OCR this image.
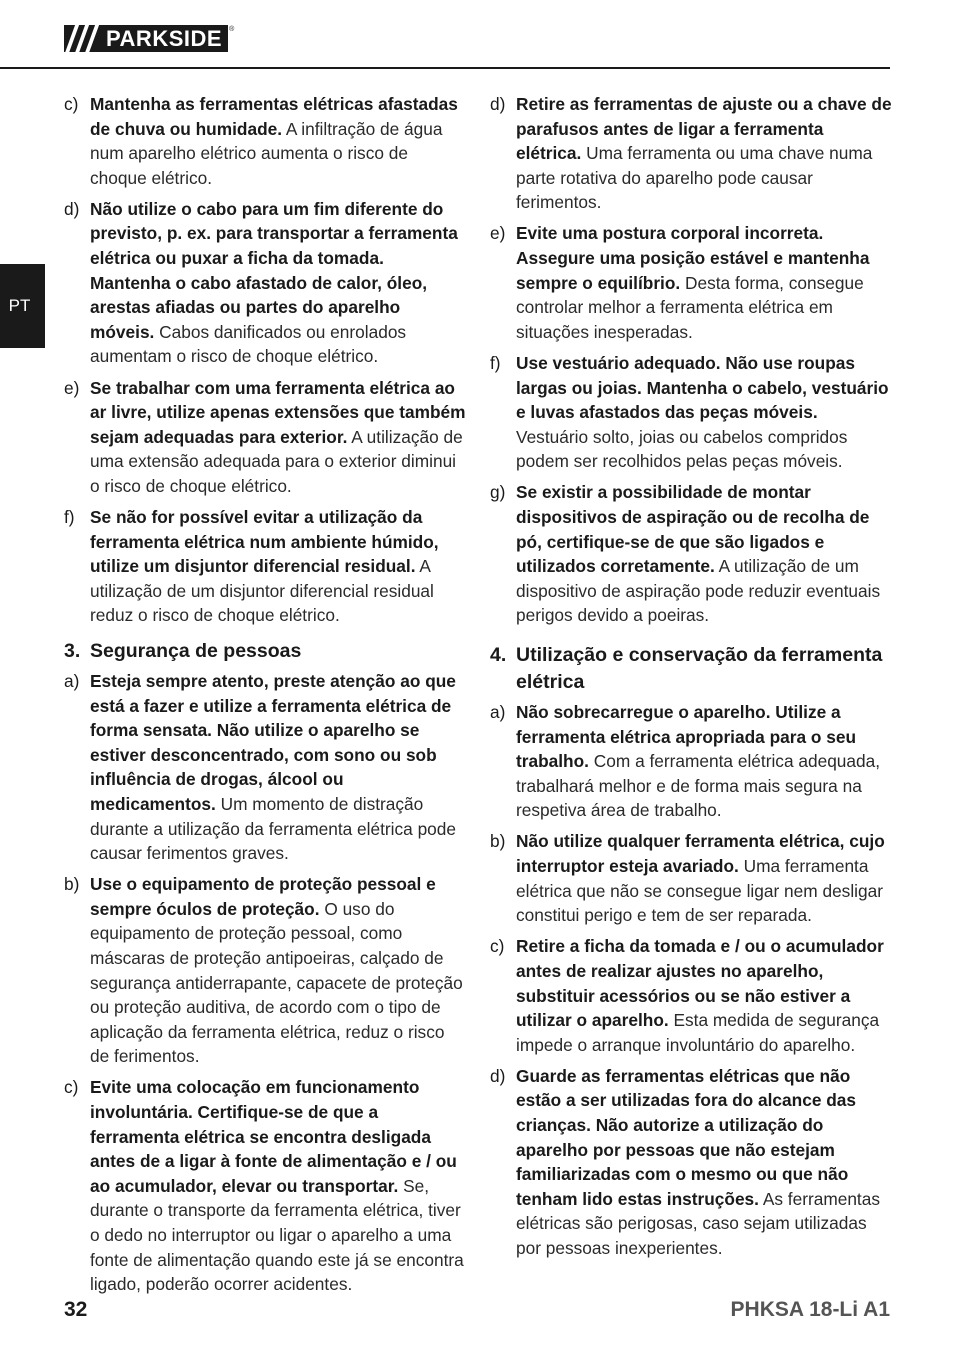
PARKSIDE	®
PT
c) Mantenha as ferramentas elétricas afastadas de chuva ou humidade. A infiltração de água num aparelho elétrico aumenta o risco de choque elétrico.
d) Não utilize o cabo para um fim diferente do previsto, p. ex. para transportar a ferramenta elétrica ou puxar a ficha da tomada. Mantenha o cabo afastado de calor, óleo, arestas afiadas ou partes do aparelho móveis. Cabos danificados ou enrolados aumentam o risco de choque elétrico.
e) Se trabalhar com uma ferramenta elétrica ao ar livre, utilize apenas extensões que também sejam adequadas para exterior. A utilização de uma extensão adequada para o exterior diminui o risco de choque elétrico.
f) Se não for possível evitar a utilização da ferramenta elétrica num ambiente húmido, utilize um disjuntor diferencial residual. A utilização de um disjuntor diferencial residual reduz o risco de choque elétrico.
3. Segurança de pessoas
a) Esteja sempre atento, preste atenção ao que está a fazer e utilize a ferramenta elétrica de forma sensata. Não utilize o aparelho se estiver desconcentrado, com sono ou sob influência de drogas, álcool ou medicamentos. Um momento de distração durante a utilização da ferramenta elétrica pode causar ferimentos graves.
b) Use o equipamento de proteção pessoal e sempre óculos de proteção. O uso do equipamento de proteção pessoal, como máscaras de proteção antipoeiras, calçado de segurança antiderrapante, capacete de proteção ou proteção auditiva, de acordo com o tipo de aplicação da ferramenta elétrica, reduz o risco de ferimentos.
c) Evite uma colocação em funcionamento involuntária. Certifique-se de que a ferramenta elétrica se encontra desligada antes de a ligar à fonte de alimentação e / ou ao acumulador, elevar ou transportar. Se, durante o transporte da ferramenta elétrica, tiver o dedo no interruptor ou ligar o aparelho a uma fonte de alimentação quando este já se encontra ligado, poderão ocorrer acidentes.
d) Retire as ferramentas de ajuste ou a chave de parafusos antes de ligar a ferramenta elétrica. Uma ferramenta ou uma chave numa parte rotativa do aparelho pode causar ferimentos.
e) Evite uma postura corporal incorreta. Assegure uma posição estável e mantenha sempre o equilíbrio. Desta forma, consegue controlar melhor a ferramenta elétrica em situações inesperadas.
f) Use vestuário adequado. Não use roupas largas ou joias. Mantenha o cabelo, vestuário e luvas afastados das peças móveis. Vestuário solto, joias ou cabelos compridos podem ser recolhidos pelas peças móveis.
g) Se existir a possibilidade de montar dispositivos de aspiração ou de recolha de pó, certifique-se de que são ligados e utilizados corretamente. A utilização de um dispositivo de aspiração pode reduzir eventuais perigos devido a poeiras.
4. Utilização e conservação da ferramenta elétrica
a) Não sobrecarregue o aparelho. Utilize a ferramenta elétrica apropriada para o seu trabalho. Com a ferramenta elétrica adequada, trabalhará melhor e de forma mais segura na respetiva área de trabalho.
b) Não utilize qualquer ferramenta elétrica, cujo interruptor esteja avariado. Uma ferramenta elétrica que não se consegue ligar nem desligar constitui perigo e tem de ser reparada.
c) Retire a ficha da tomada e / ou o acumulador antes de realizar ajustes no aparelho, substituir acessórios ou se não estiver a utilizar o aparelho. Esta medida de segurança impede o arranque involuntário do aparelho.
d) Guarde as ferramentas elétricas que não estão a ser utilizadas fora do alcance das crianças. Não autorize a utilização do aparelho por pessoas que não estejam familiarizadas com o mesmo ou que não tenham lido estas instruções. As ferramentas elétricas são perigosas, caso sejam utilizadas por pessoas inexperientes.
32	PHKSA 18-Li A1
